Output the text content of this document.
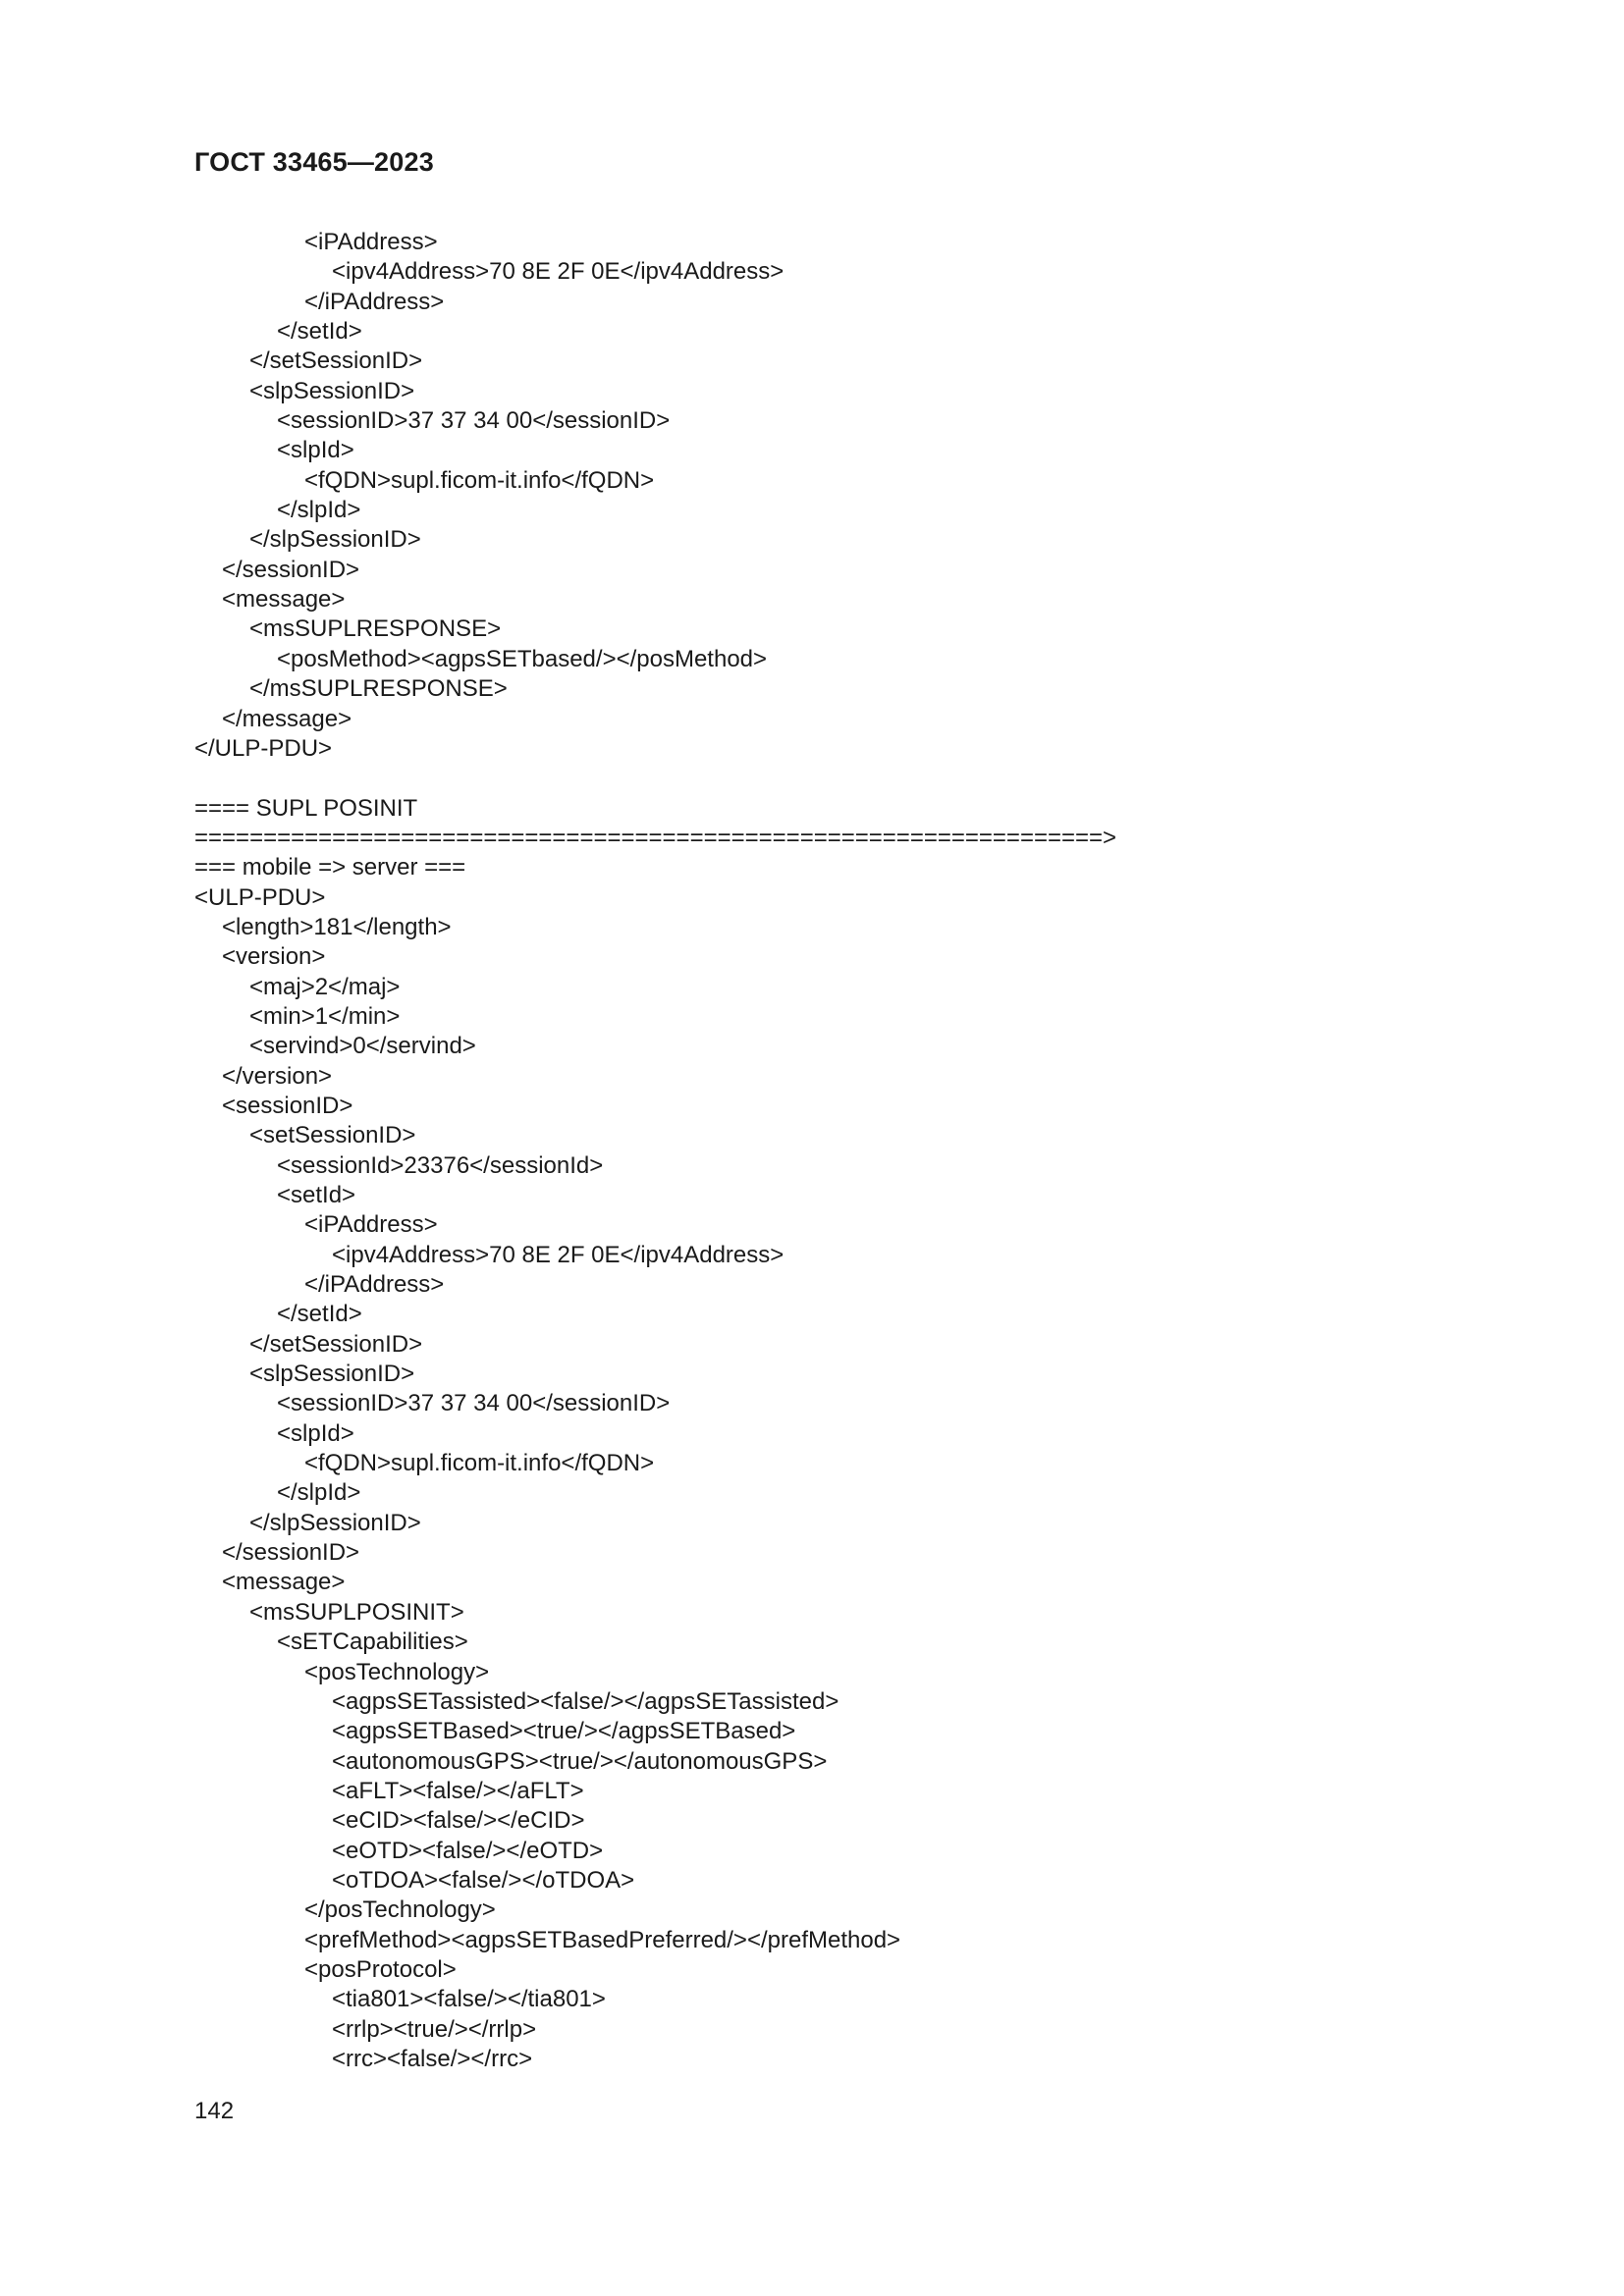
ГОСТ 33465—2023
<iPAddress>
<ipv4Address>70 8E 2F 0E</ipv4Address>
</iPAddress>
</setId>
</setSessionID>
<slpSessionID>
<sessionID>37 37 34 00</sessionID>
<slpId>
<fQDN>supl.ficom-it.info</fQDN>
</slpId>
</slpSessionID>
</sessionID>
<message>
<msSUPLRESPONSE>
<posMethod><agpsSETbased/></posMethod>
</msSUPLRESPONSE>
</message>
</ULP-PDU>
==== SUPL POSINIT
==================================================================>
=== mobile => server ===
<ULP-PDU>
<length>181</length>
<version>
<maj>2</maj>
<min>1</min>
<servind>0</servind>
</version>
<sessionID>
<setSessionID>
<sessionId>23376</sessionId>
<setId>
<iPAddress>
<ipv4Address>70 8E 2F 0E</ipv4Address>
</iPAddress>
</setId>
</setSessionID>
<slpSessionID>
<sessionID>37 37 34 00</sessionID>
<slpId>
<fQDN>supl.ficom-it.info</fQDN>
</slpId>
</slpSessionID>
</sessionID>
<message>
<msSUPLPOSINIT>
<sETCapabilities>
<posTechnology>
<agpsSETassisted><false/></agpsSETassisted>
<agpsSETBased><true/></agpsSETBased>
<autonomousGPS><true/></autonomousGPS>
<aFLT><false/></aFLT>
<eCID><false/></eCID>
<eOTD><false/></eOTD>
<oTDOA><false/></oTDOA>
</posTechnology>
<prefMethod><agpsSETBasedPreferred/></prefMethod>
<posProtocol>
<tia801><false/></tia801>
<rrlp><true/></rrlp>
<rrc><false/></rrc>
142
